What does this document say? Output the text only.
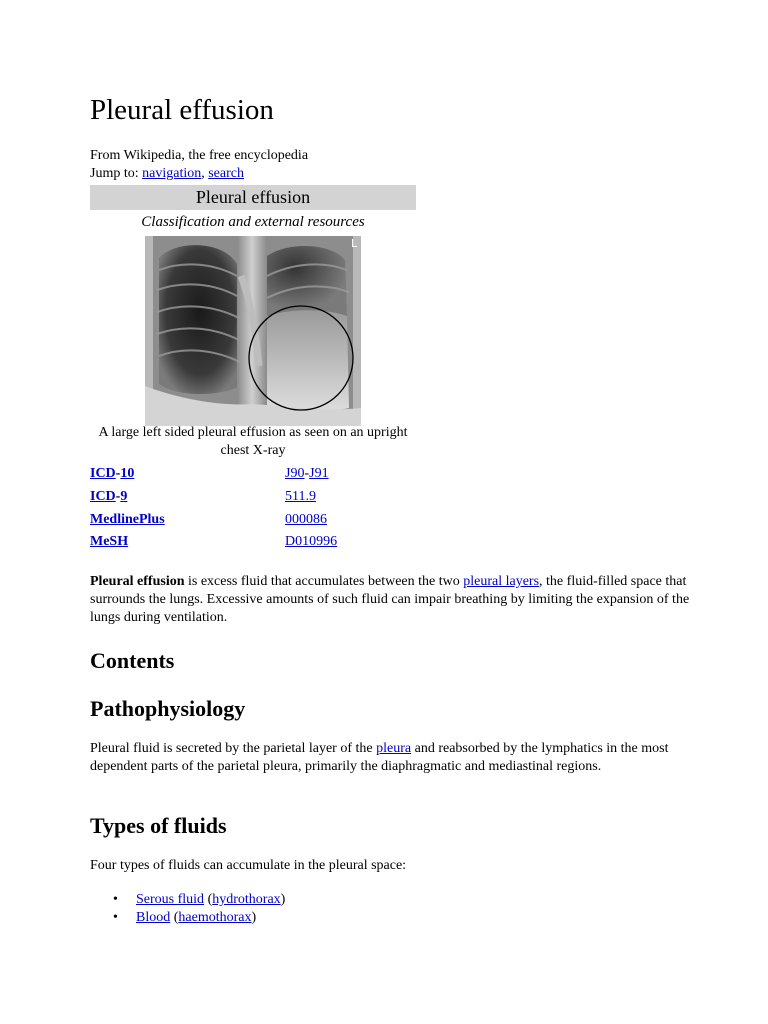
Pleural effusion
From Wikipedia, the free encyclopedia
Jump to: navigation, search
Pleural effusion
Classification and external resources
L
A large left sided pleural effusion as seen on an upright chest X-ray
ICD-10	J90-J91
ICD-9	511.9
MedlinePlus	000086
MeSH	D010996
Pleural effusion is excess fluid that accumulates between the two pleural layers, the fluid-filled space that surrounds the lungs. Excessive amounts of such fluid can impair breathing by limiting the expansion of the lungs during ventilation.
Contents
Pathophysiology
Pleural fluid is secreted by the parietal layer of the pleura and reabsorbed by the lymphatics in the most dependent parts of the parietal pleura, primarily the diaphragmatic and mediastinal regions.
Types of fluids
Four types of fluids can accumulate in the pleural space:
• Serous fluid (hydrothorax)
• Blood (haemothorax)
